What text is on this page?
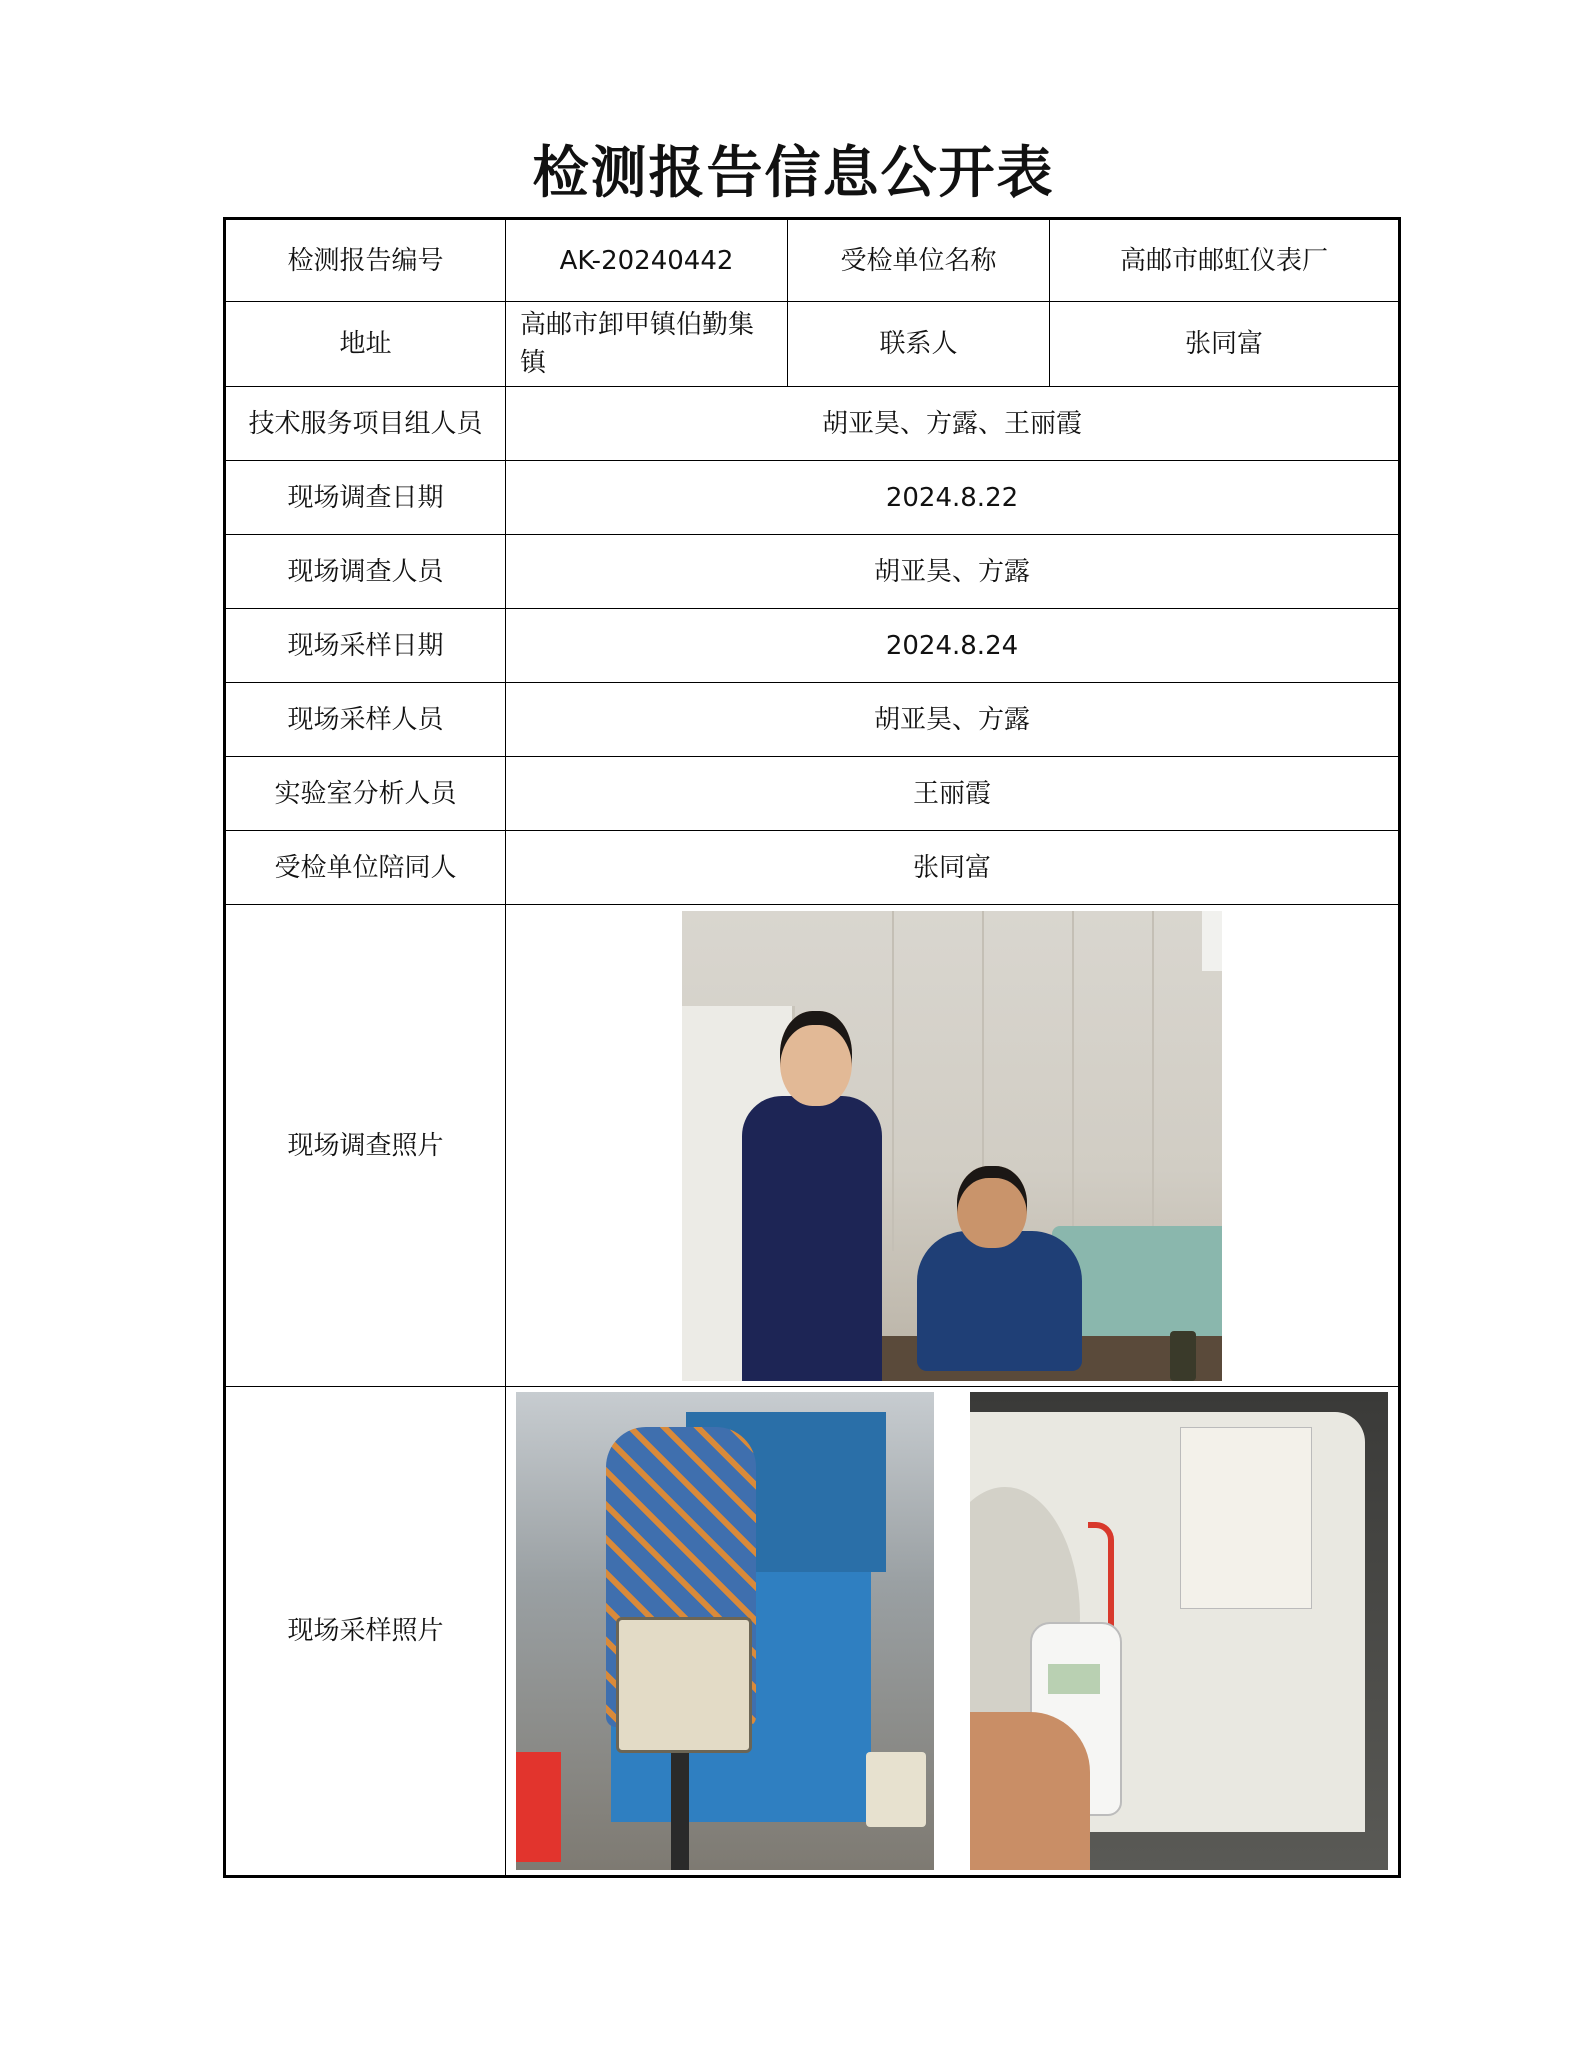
检测报告信息公开表
检测报告编号	AK-20240442	受检单位名称	高邮市邮虹仪表厂
地址	高邮市卸甲镇伯勤集镇	联系人	张同富
技术服务项目组人员	胡亚昊、方露、王丽霞		
现场调查日期	2024.8.22		
现场调查人员	胡亚昊、方露		
现场采样日期	2024.8.24		
现场采样人员	胡亚昊、方露		
实验室分析人员	王丽霞		
受检单位陪同人	张同富		
现场调查照片			

现场采样照片			
